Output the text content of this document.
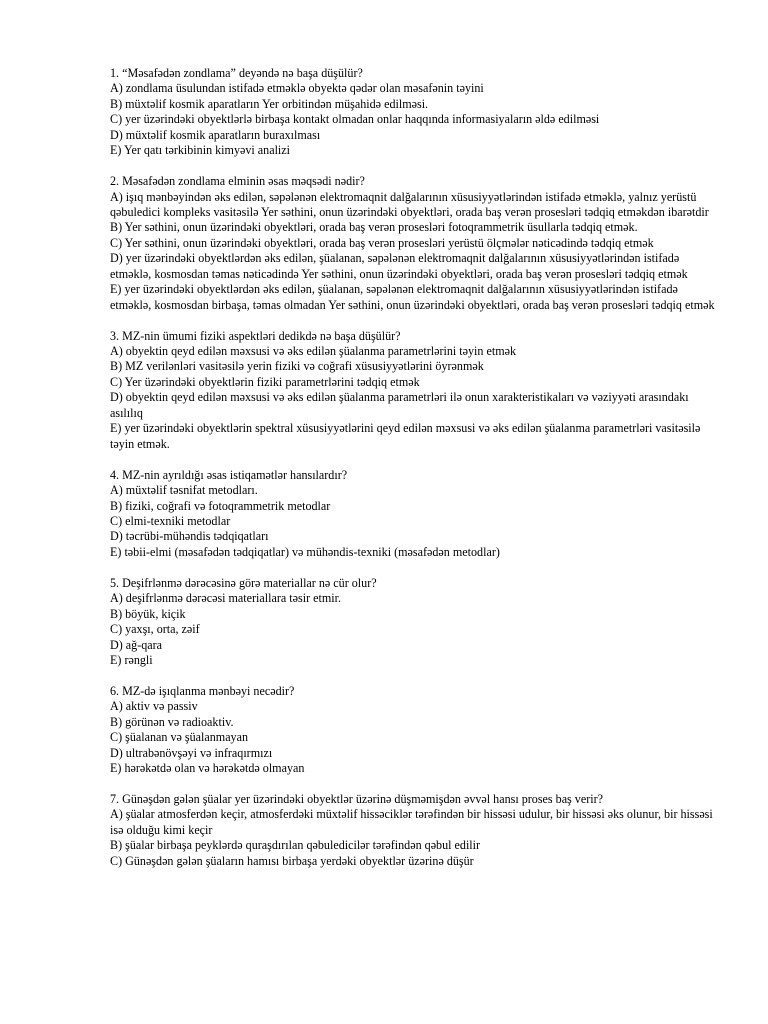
1. “Məsafədən zondlama” deyəndə nə başa düşülür?
A) zondlama üsulundan istifadə etməklə obyektə qədər olan məsafənin təyini
B) müxtəlif kosmik aparatların Yer orbitindən müşahidə edilməsi.
C) yer üzərindəki obyektlərlə birbaşa kontakt olmadan onlar haqqında informasiyaların əldə edilməsi
D) müxtəlif kosmik aparatların buraxılması
E) Yer qatı tərkibinin kimyəvi analizi
2. Məsafədən zondlama elminin əsas məqsədi nədir?
A) işıq mənbəyindən əks edilən, səpələnən elektromaqnit dalğalarının xüsusiyyətlərindən istifadə etməklə, yalnız yerüstü qəbuledici kompleks vasitəsilə Yer səthini, onun üzərindəki obyektləri, orada baş verən prosesləri tədqiq etməkdən ibarətdir
B) Yer səthini, onun üzərindəki obyektləri, orada baş verən prosesləri fotoqrammetrik üsullarla tədqiq etmək.
C) Yer səthini, onun üzərindəki obyektləri, orada baş verən prosesləri yerüstü ölçmələr nəticədində tədqiq etmək
D) yer üzərindəki obyektlərdən əks edilən, şüalanan, səpələnən elektromaqnit dalğalarının xüsusiyyətlərindən istifadə etməklə, kosmosdan təmas nəticədində Yer səthini, onun üzərindəki obyektləri, orada baş verən prosesləri tədqiq etmək
E) yer üzərindəki obyektlərdən əks edilən, şüalanan, səpələnən elektromaqnit dalğalarının xüsusiyyətlərindən istifadə etməklə, kosmosdan birbaşa, təmas olmadan Yer səthini, onun üzərindəki obyektləri, orada baş verən prosesləri tədqiq etmək
3. MZ-nin ümumi fiziki aspektləri dedikdə nə başa düşülür?
A) obyektin qeyd edilən məxsusi və əks edilən şüalanma parametrlərini təyin etmək
B) MZ verilənləri vasitəsilə yerin fiziki və coğrafi xüsusiyyətlərini öyrənmək
C) Yer üzərindəki obyektlərin fiziki parametrlərini tədqiq etmək
D) obyektin qeyd edilən məxsusi və əks edilən şüalanma parametrləri ilə onun xarakteristikaları və vəziyyəti arasındakı asılılıq
E) yer üzərindəki obyektlərin spektral xüsusiyyətlərini qeyd edilən məxsusi və əks edilən şüalanma parametrləri vasitəsilə təyin etmək.
4. MZ-nin ayrıldığı əsas istiqamətlər hansılardır?
A) müxtəlif təsnifat metodları.
B) fiziki, coğrafi və fotoqrammetrik metodlar
C) elmi-texniki metodlar
D) təcrübi-mühəndis tədqiqatları
E) təbii-elmi (məsafədən tədqiqatlar) və mühəndis-texniki (məsafədən metodlar)
5. Deşifrlənmə dərəcəsinə görə materiallar nə cür olur?
A) deşifrlənmə dərəcəsi materiallara təsir etmir.
B) böyük, kiçik
C) yaxşı, orta, zəif
D) ağ-qara
E) rəngli
6. MZ-də işıqlanma mənbəyi necədir?
A) aktiv və passiv
B) görünən və radioaktiv.
C) şüalanan və şüalanmayan
D) ultrabənövşəyi və infraqırmızı
E) hərəkətdə olan və hərəkətdə olmayan
7. Günəşdən gələn şüalar yer üzərindəki obyektlər üzərinə düşməmişdən əvvəl hansı proses baş verir?
A) şüalar atmosferdən keçir, atmosferdəki müxtəlif hissəciklər tərəfindən bir hissəsi udulur, bir hissəsi əks olunur, bir hissəsi isə olduğu kimi keçir
B) şüalar birbaşa peyklərdə quraşdırılan qəbuledicilər tərəfindən qəbul edilir
C) Günəşdən gələn şüaların hamısı birbaşa yerdəki obyektlər üzərinə düşür
